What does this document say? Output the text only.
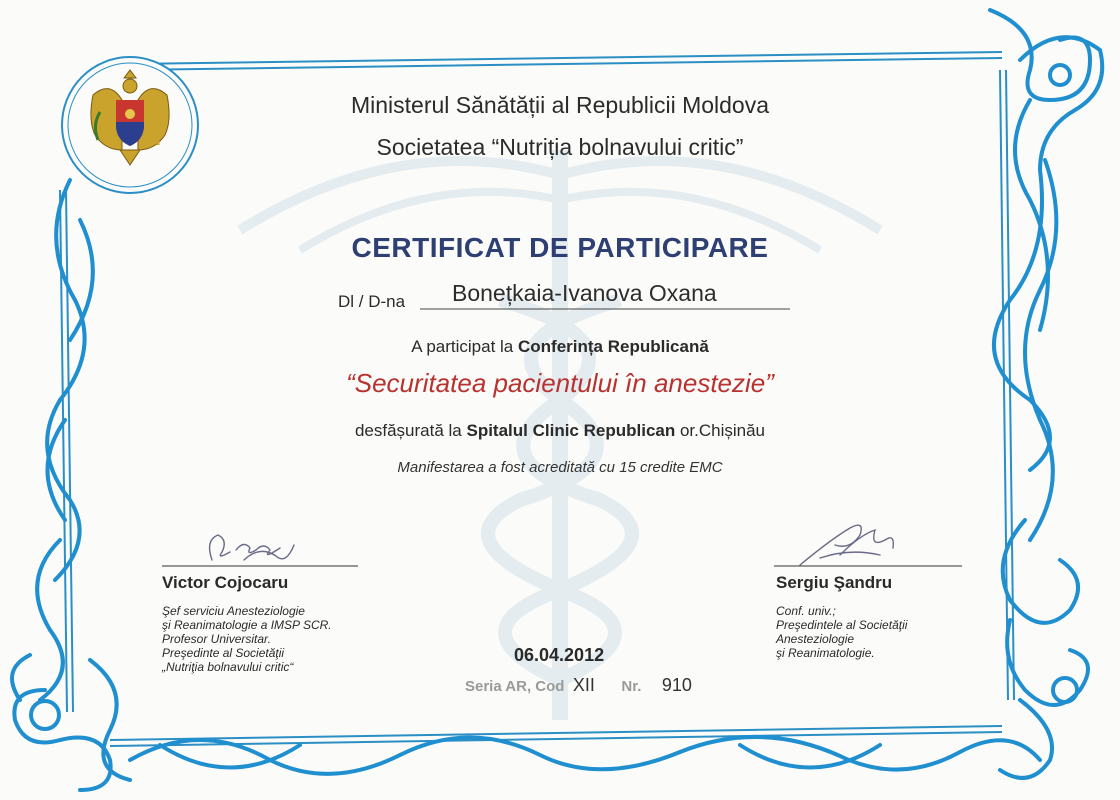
Ministerul Sănătății al Republicii Moldova
Societatea “Nutriția bolnavului critic”
CERTIFICAT DE PARTICIPARE
Dl / D-na Bonețkaia-Ivanova Oxana
A participat la Conferința Republicană
“Securitatea pacientului în anestezie”
desfășurată la Spitalul Clinic Republican or.Chișinău
Manifestarea a fost acreditată cu 15 credite EMC
Victor Cojocaru
Şef serviciu Anesteziologie
şi Reanimatologie a IMSP SCR.
Profesor Universitar.
Preşedinte al Societăţii
„Nutriţia bolnavului critic“
Sergiu Şandru
Conf. univ.;
Preşedintele al Societăţii
Anesteziologie
şi Reanimatologie.
06.04.2012
Seria AR, Cod XII Nr. 910
